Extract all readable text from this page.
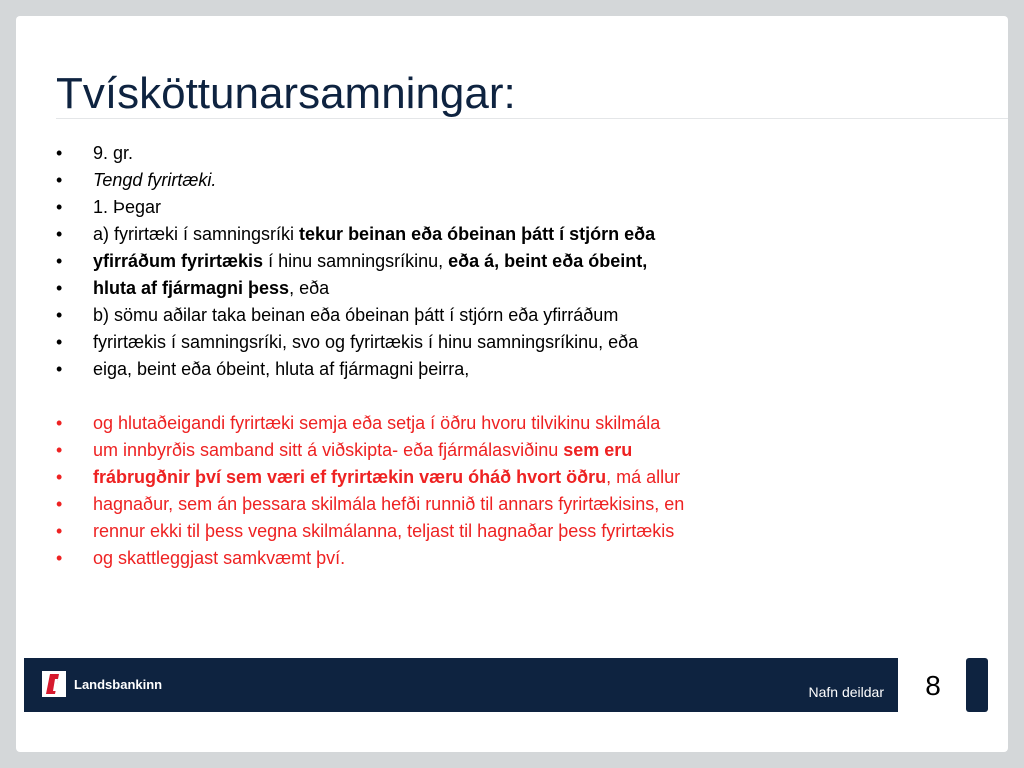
Tvísköttunarsamningar:
• 9. gr.
• Tengd fyrirtæki.
• 1. Þegar
• a) fyrirtæki í samningsríki tekur beinan eða óbeinan þátt í stjórn eða
• yfirráðum fyrirtækis í hinu samningsríkinu, eða á, beint eða óbeint,
• hluta af fjármagni þess, eða
• b) sömu aðilar taka beinan eða óbeinan þátt í stjórn eða yfirráðum
• fyrirtækis í samningsríki, svo og fyrirtækis í hinu samningsríkinu, eða
• eiga, beint eða óbeint, hluta af fjármagni þeirra,
• og hlutaðeigandi fyrirtæki semja eða setja í öðru hvoru tilvikinu skilmála
• um innbyrðis samband sitt á viðskipta- eða fjármálasviðinu sem eru
• frábrugðnir því sem væri ef fyrirtækin væru óháð hvort öðru, má allur
• hagnaður, sem án þessara skilmála hefði runnið til annars fyrirtækisins, en
• rennur ekki til þess vegna skilmálanna, teljast til hagnaðar þess fyrirtækis
• og skattleggjast samkvæmt því.
Landsbankinn	Nafn deildar 8
